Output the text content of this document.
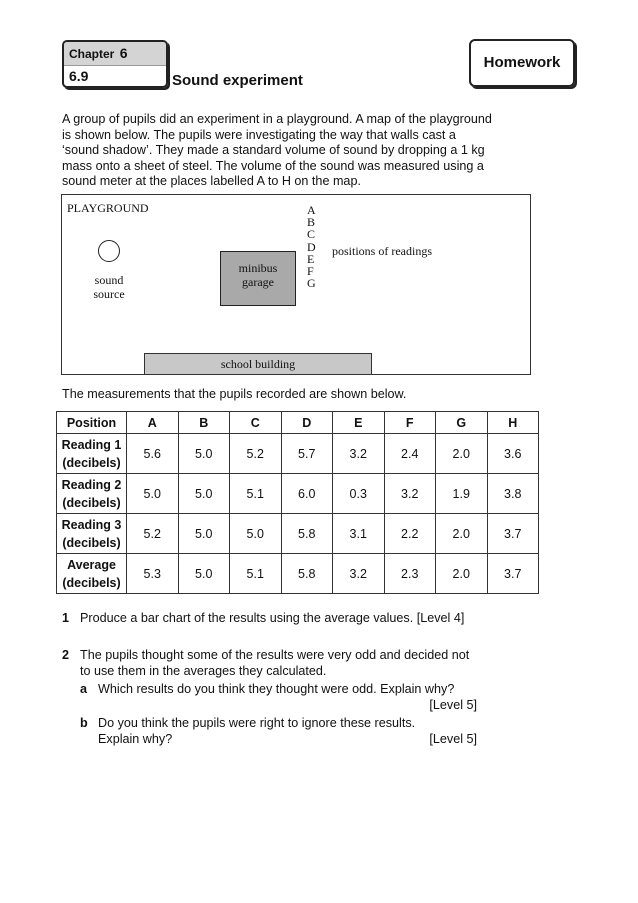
Chapter 6
6.9	Sound experiment
Homework
A group of pupils did an experiment in a playground. A map of the playground is shown below. The pupils were investigating the way that walls cast a ‘sound shadow’. They made a standard volume of sound by dropping a 1 kg mass onto a sheet of steel. The volume of the sound was measured using a sound meter at the places labelled A to H on the map.
PLAYGROUND
sound
source
minibus
garage
A
B
C
D
E
F
G
positions of readings
school building
The measurements that the pupils recorded are shown below.
Position	A	B	C	D	E	F	G	H
Reading 1
(decibels)	5.6	5.0	5.2	5.7	3.2	2.4	2.0	3.6
Reading 2
(decibels)	5.0	5.0	5.1	6.0	0.3	3.2	1.9	3.8
Reading 3
(decibels)	5.2	5.0	5.0	5.8	3.1	2.2	2.0	3.7
Average
(decibels)	5.3	5.0	5.1	5.8	3.2	2.3	2.0	3.7
1 Produce a bar chart of the results using the average values. [Level 4]
2 The pupils thought some of the results were very odd and decided not to use them in the averages they calculated.
a Which results do you think they thought were odd. Explain why?
[Level 5]
b Do you think the pupils were right to ignore these results. Explain why?	[Level 5]
